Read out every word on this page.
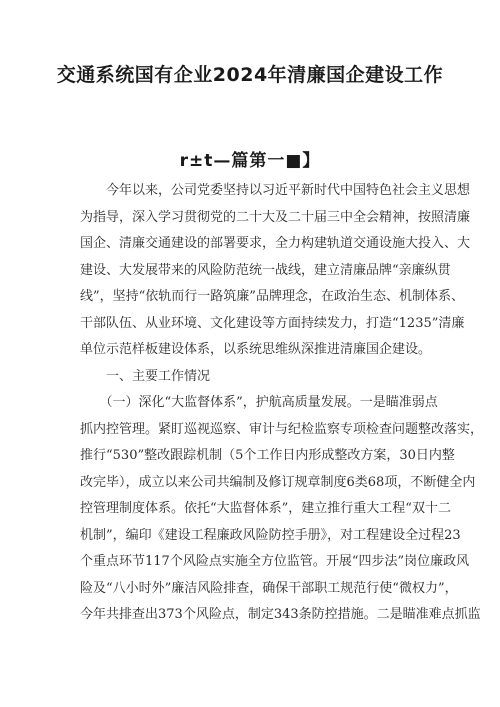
交通系统国有企业2024年清廉国企建设工作
r±t—篇第一■】
　　今年以来，公司党委坚持以习近平新时代中国特色社会主义思想
为指导，深入学习贯彻党的二十大及二十届三中全会精神，按照清廉
国企、清廉交通建设的部署要求，全力构建轨道交通设施大投入、大
建设、大发展带来的风险防范统一战线，建立清廉品牌“亲廉纵贯
线”，坚持“依轨而行一路筑廉”品牌理念，在政治生态、机制体系、
干部队伍、从业环境、文化建设等方面持续发力，打造“1235”清廉
单位示范样板建设体系，以系统思维纵深推进清廉国企建设。
　　一、主要工作情况
　　（一）深化“大监督体系”，护航高质量发展。一是瞄准弱点
抓内控管理。紧盯巡视巡察、审计与纪检监察专项检查问题整改落实，
推行“530”整改跟踪机制（5个工作日内形成整改方案，30日内整
改完毕），成立以来公司共编制及修订规章制度6类68项，不断健全内
控管理制度体系。依托“大监督体系”，建立推行重大工程“双十二
机制”，编印《建设工程廉政风险防控手册》，对工程建设全过程23
个重点环节117个风险点实施全方位监管。开展“四步法”岗位廉政风
险及“八小时外”廉洁风险排查，确保干部职工规范行使“微权力”，
今年共排查出373个风险点，制定343条防控措施。二是瞄准难点抓监
